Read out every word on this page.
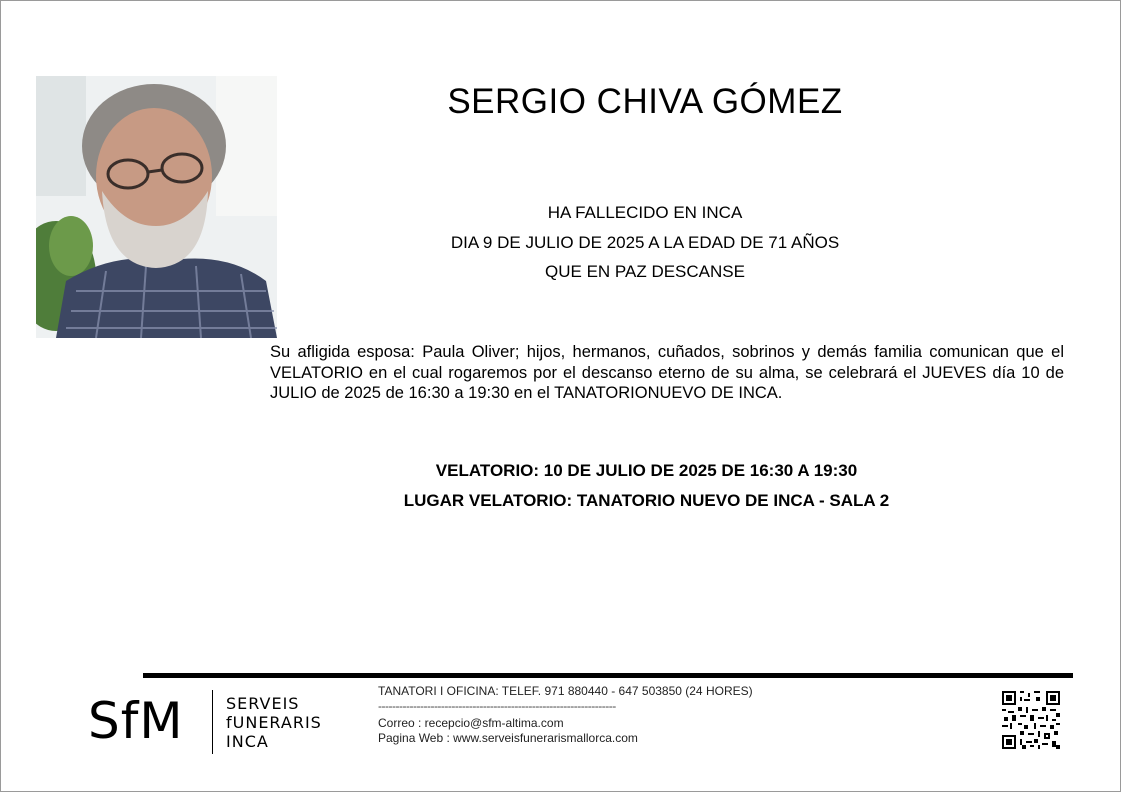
SERGIO CHIVA GÓMEZ
HA FALLECIDO EN INCA
DIA 9 DE JULIO DE 2025 A LA EDAD DE 71 AÑOS
QUE EN PAZ DESCANSE

Su afligida esposa: Paula Oliver; hijos, hermanos, cuñados, sobrinos y demás familia comunican que el VELATORIO en el cual rogaremos por el descanso eterno de su alma, se celebrará el JUEVES día 10 de JULIO de 2025 de 16:30 a 19:30 en el TANATORIONUEVO DE INCA.

VELATORIO: 10 DE JULIO DE 2025 DE 16:30 A 19:30
LUGAR VELATORIO: TANATORIO NUEVO DE INCA - SALA 2
SfM	SERVEIS
fUNERARIS
INCA
TANATORI I OFICINA: TELEF. 971 880440 - 647 503850 (24 HORES)
--------------------------------------------------------------------
Correo : recepcio@sfm-altima.com
Pagina Web : www.serveisfunerarismallorca.com
